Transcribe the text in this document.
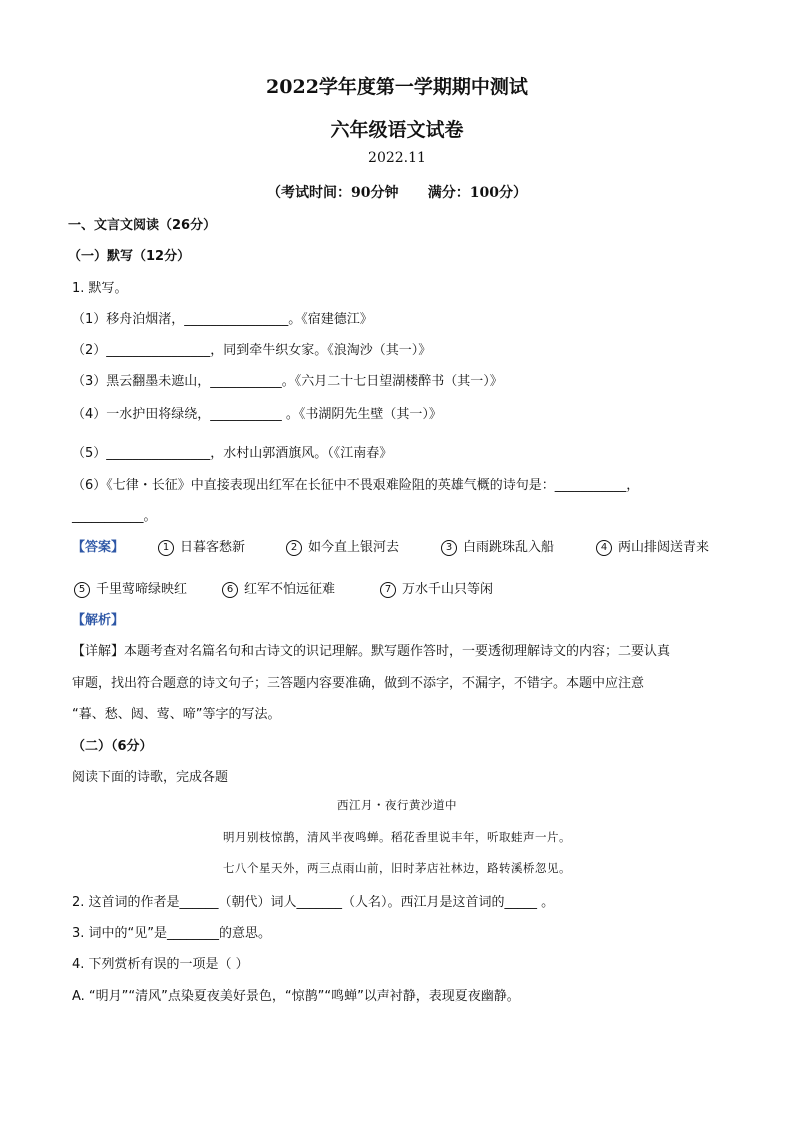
2022学年度第一学期期中测试
六年级语文试卷
2022.11
（考试时间：90分钟      满分：100分）
一、文言文阅读（26分）
（一）默写（12分）
1. 默写。
（1）移舟泊烟渚，________________。《宿建德江》
（2）________________，同到牵牛织女家。《浪淘沙（其一）》
（3）黑云翻墨未遮山，___________。《六月二十七日望湖楼醉书（其一）》
（4）一水护田将绿绕，___________ 。《书湖阴先生壁（其一）》
（5）________________，水村山郭酒旗风。（《江南春》
（6）《七律・长征》中直接表现出红军在长征中不畏艰难险阻的英雄气概的诗句是：___________，
___________。
【答案】	1 日暮客愁新	2 如今直上银河去	3 白雨跳珠乱入船	4 两山排闼送青来
5 千里莺啼绿映红	6 红军不怕远征难	7 万水千山只等闲
【解析】
【详解】本题考查对名篇名句和古诗文的识记理解。默写题作答时，一要透彻理解诗文的内容；二要认真
审题，找出符合题意的诗文句子；三答题内容要准确，做到不添字，不漏字，不错字。本题中应注意
“暮、愁、闼、莺、啼”等字的写法。
（二）（6分）
阅读下面的诗歌，完成各题
西江月・夜行黄沙道中
明月别枝惊鹊，清风半夜鸣蝉。稻花香里说丰年，听取蛙声一片。
七八个星天外，两三点雨山前，旧时茅店社林边，路转溪桥忽见。
2. 这首词的作者是______（朝代）词人_______（人名）。西江月是这首词的_____ 。
3. 词中的“见”是________的意思。
4. 下列赏析有误的一项是（ ）
A. “明月”“清风”点染夏夜美好景色，“惊鹊”“鸣蝉”以声衬静，表现夏夜幽静。
